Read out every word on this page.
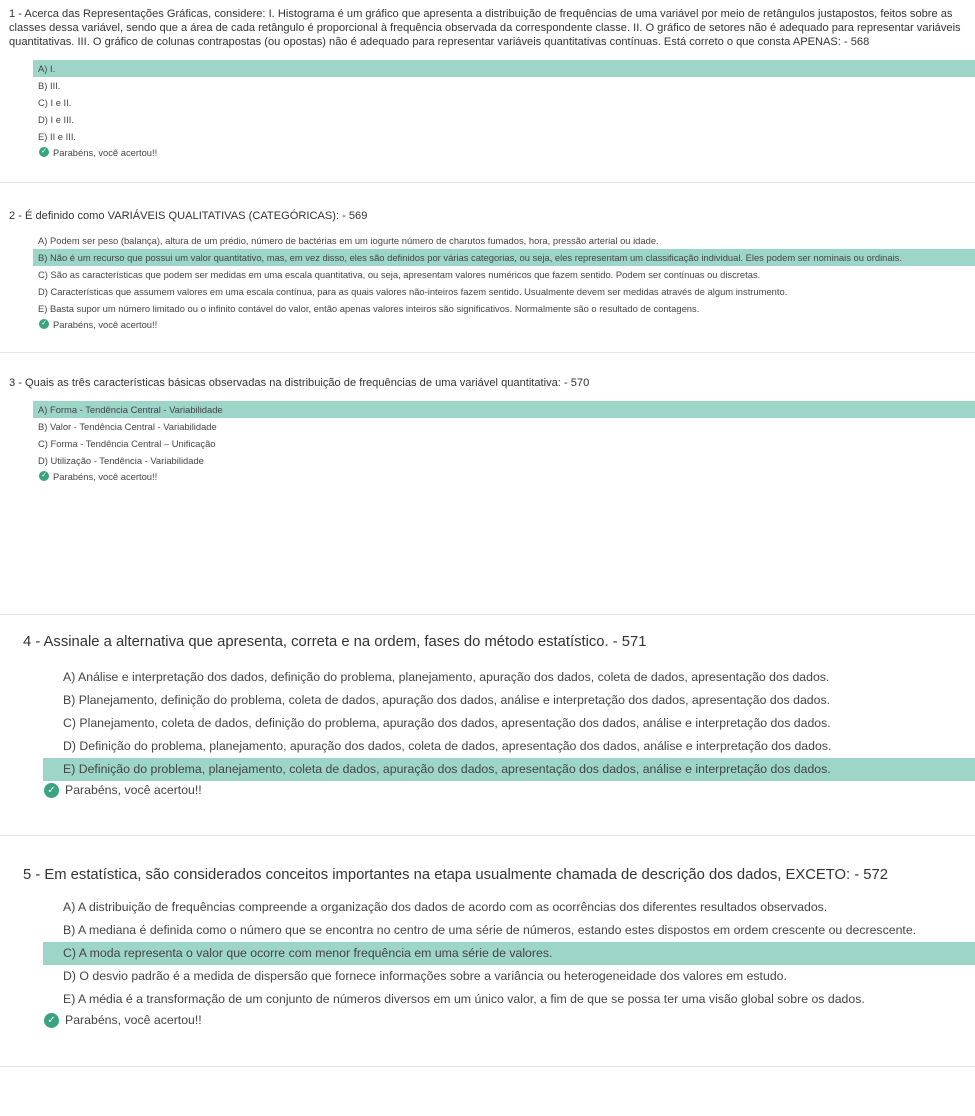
1 - Acerca das Representações Gráficas, considere: I. Histograma é um gráfico que apresenta a distribuição de frequências de uma variável por meio de retângulos justapostos, feitos sobre as classes dessa variável, sendo que a área de cada retângulo é proporcional à frequência observada da correspondente classe. II. O gráfico de setores não é adequado para representar variáveis quantitativas. III. O gráfico de colunas contrapostas (ou opostas) não é adequado para representar variáveis quantitativas contínuas. Está correto o que consta APENAS: - 568

A) I.
B) III.
C) I e II.
D) I e III.
E) II e III.
✓ Parabéns, você acertou!!

2 - É definido como VARIÁVEIS QUALITATIVAS (CATEGÓRICAS): - 569

A) Podem ser peso (balança), altura de um prédio, número de bactérias em um iogurte número de charutos fumados, hora, pressão arterial ou idade.
B) Não é um recurso que possui um valor quantitativo, mas, em vez disso, eles são definidos por várias categorias, ou seja, eles representam um classificação individual. Eles podem ser nominais ou ordinais.
C) São as características que podem ser medidas em uma escala quantitativa, ou seja, apresentam valores numéricos que fazem sentido. Podem ser contínuas ou discretas.
D) Características que assumem valores em uma escala contínua, para as quais valores não-inteiros fazem sentido. Usualmente devem ser medidas através de algum instrumento.
E) Basta supor um número limitado ou o infinito contável do valor, então apenas valores inteiros são significativos. Normalmente são o resultado de contagens.
✓ Parabéns, você acertou!!

3 - Quais as três características básicas observadas na distribuição de frequências de uma variável quantitativa: - 570

A) Forma - Tendência Central - Variabilidade
B) Valor - Tendência Central - Variabilidade
C) Forma - Tendência Central – Unificação
D) Utilização - Tendência - Variabilidade
✓ Parabéns, você acertou!!

4 - Assinale a alternativa que apresenta, correta e na ordem, fases do método estatístico. - 571

A) Análise e interpretação dos dados, definição do problema, planejamento, apuração dos dados, coleta de dados, apresentação dos dados.
B) Planejamento, definição do problema, coleta de dados, apuração dos dados, análise e interpretação dos dados, apresentação dos dados.
C) Planejamento, coleta de dados, definição do problema, apuração dos dados, apresentação dos dados, análise e interpretação dos dados.
D) Definição do problema, planejamento, apuração dos dados, coleta de dados, apresentação dos dados, análise e interpretação dos dados.
E) Definição do problema, planejamento, coleta de dados, apuração dos dados, apresentação dos dados, análise e interpretação dos dados.
✓ Parabéns, você acertou!!

5 - Em estatística, são considerados conceitos importantes na etapa usualmente chamada de descrição dos dados, EXCETO: - 572

A) A distribuição de frequências compreende a organização dos dados de acordo com as ocorrências dos diferentes resultados observados.
B) A mediana é definida como o número que se encontra no centro de uma série de números, estando estes dispostos em ordem crescente ou decrescente.
C) A moda representa o valor que ocorre com menor frequência em uma série de valores.
D) O desvio padrão é a medida de dispersão que fornece informações sobre a variância ou heterogeneidade dos valores em estudo.
E) A média é a transformação de um conjunto de números diversos em um único valor, a fim de que se possa ter uma visão global sobre os dados.
✓ Parabéns, você acertou!!
